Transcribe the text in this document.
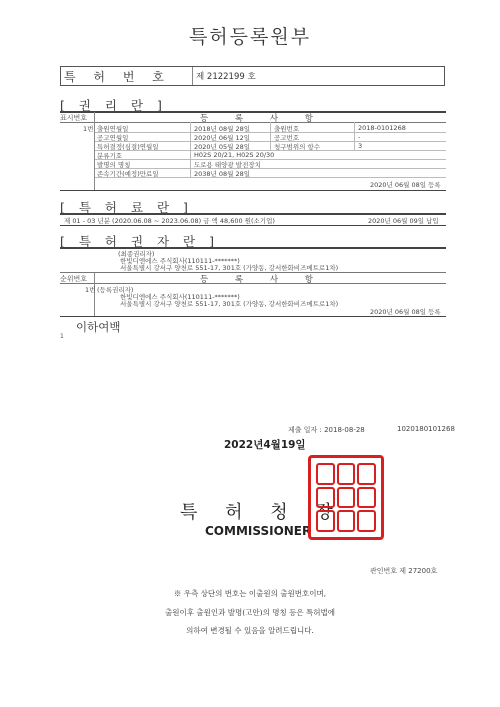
특허등록원부
특 허 번 호	제 2122199 호
[ 권 리 란 ]
표시번호	등 록 사 항
1번 출원연월일	2018년 08월 28일	출원번호	2018-0101268
공고연월일	2020년 06월 12일	공고번호	-
특허결정(심결)연월일	2020년 05월 28일	청구범위의 항수	3
분류기호	H02S 20/21, H02S 20/30
발명의 명칭	도로용 태양광 발전장치
존속기간(예정)만료일	2038년 08월 28일
2020년 06월 08일 등록
[ 특 허 료 란 ]
제 01 - 03 년분 (2020.06.08 ~ 2023.06.08) 금 액 48,600 원(소기업)	2020년 06월 09일 납입
[ 특 허 권 자 란 ]
(최종권리자)
한빛디엔에스 주식회사(110111-*******)
서울특별시 강서구 양천로 551-17, 301호 (가양동, 강서한화비즈메트로1차)
순위번호	등 록 사 항
1번 (등록권리자)
한빛디엔에스 주식회사(110111-*******)
서울특별시 강서구 양천로 551-17, 301호 (가양동, 강서한화비즈메트로1차)
2020년 06월 08일 등록
이하여백
1
제출 일자 : 2018-08-28	1020180101268
2022년4월19일
특 허 청 장
COMMISSIONER
관인번호 제 27200호
※ 우측 상단의 번호는 이출원의 출원번호이며,
출원이후 출원인과 발명(고안)의 명칭 등은 특허법에
의하여 변경될 수 있음을 알려드립니다.
